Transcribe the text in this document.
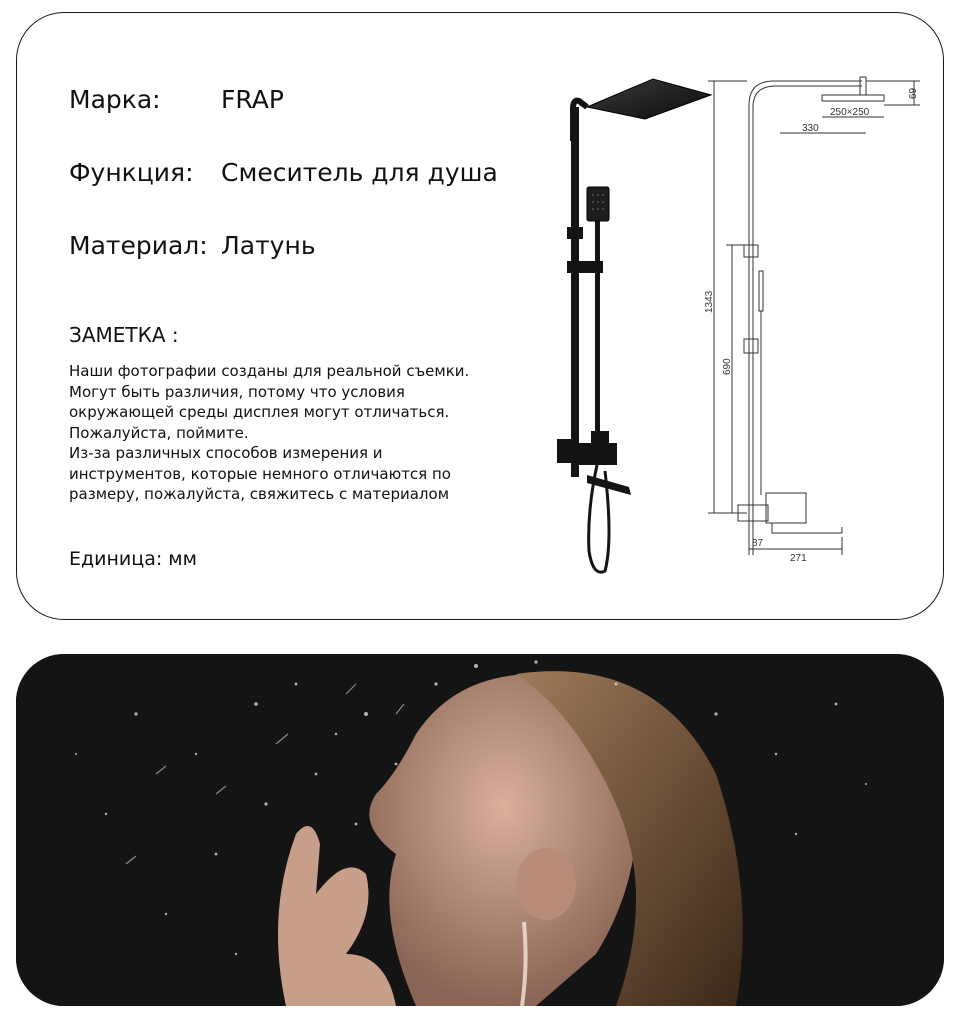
Марка: FRAP
Функция: Смеситель для душа
Материал: Латунь
ЗАМЕТКА :
Наши фотографии созданы для реальной съемки.
Могут быть различия, потому что условия
окружающей среды дисплея могут отличаться.
Пожалуйста, поймите.
Из-за различных способов измерения и
инструментов, которые немного отличаются по
размеру, пожалуйста, свяжитесь с материалом
Единица: мм
69
250×250
330
1343
690
87
271
